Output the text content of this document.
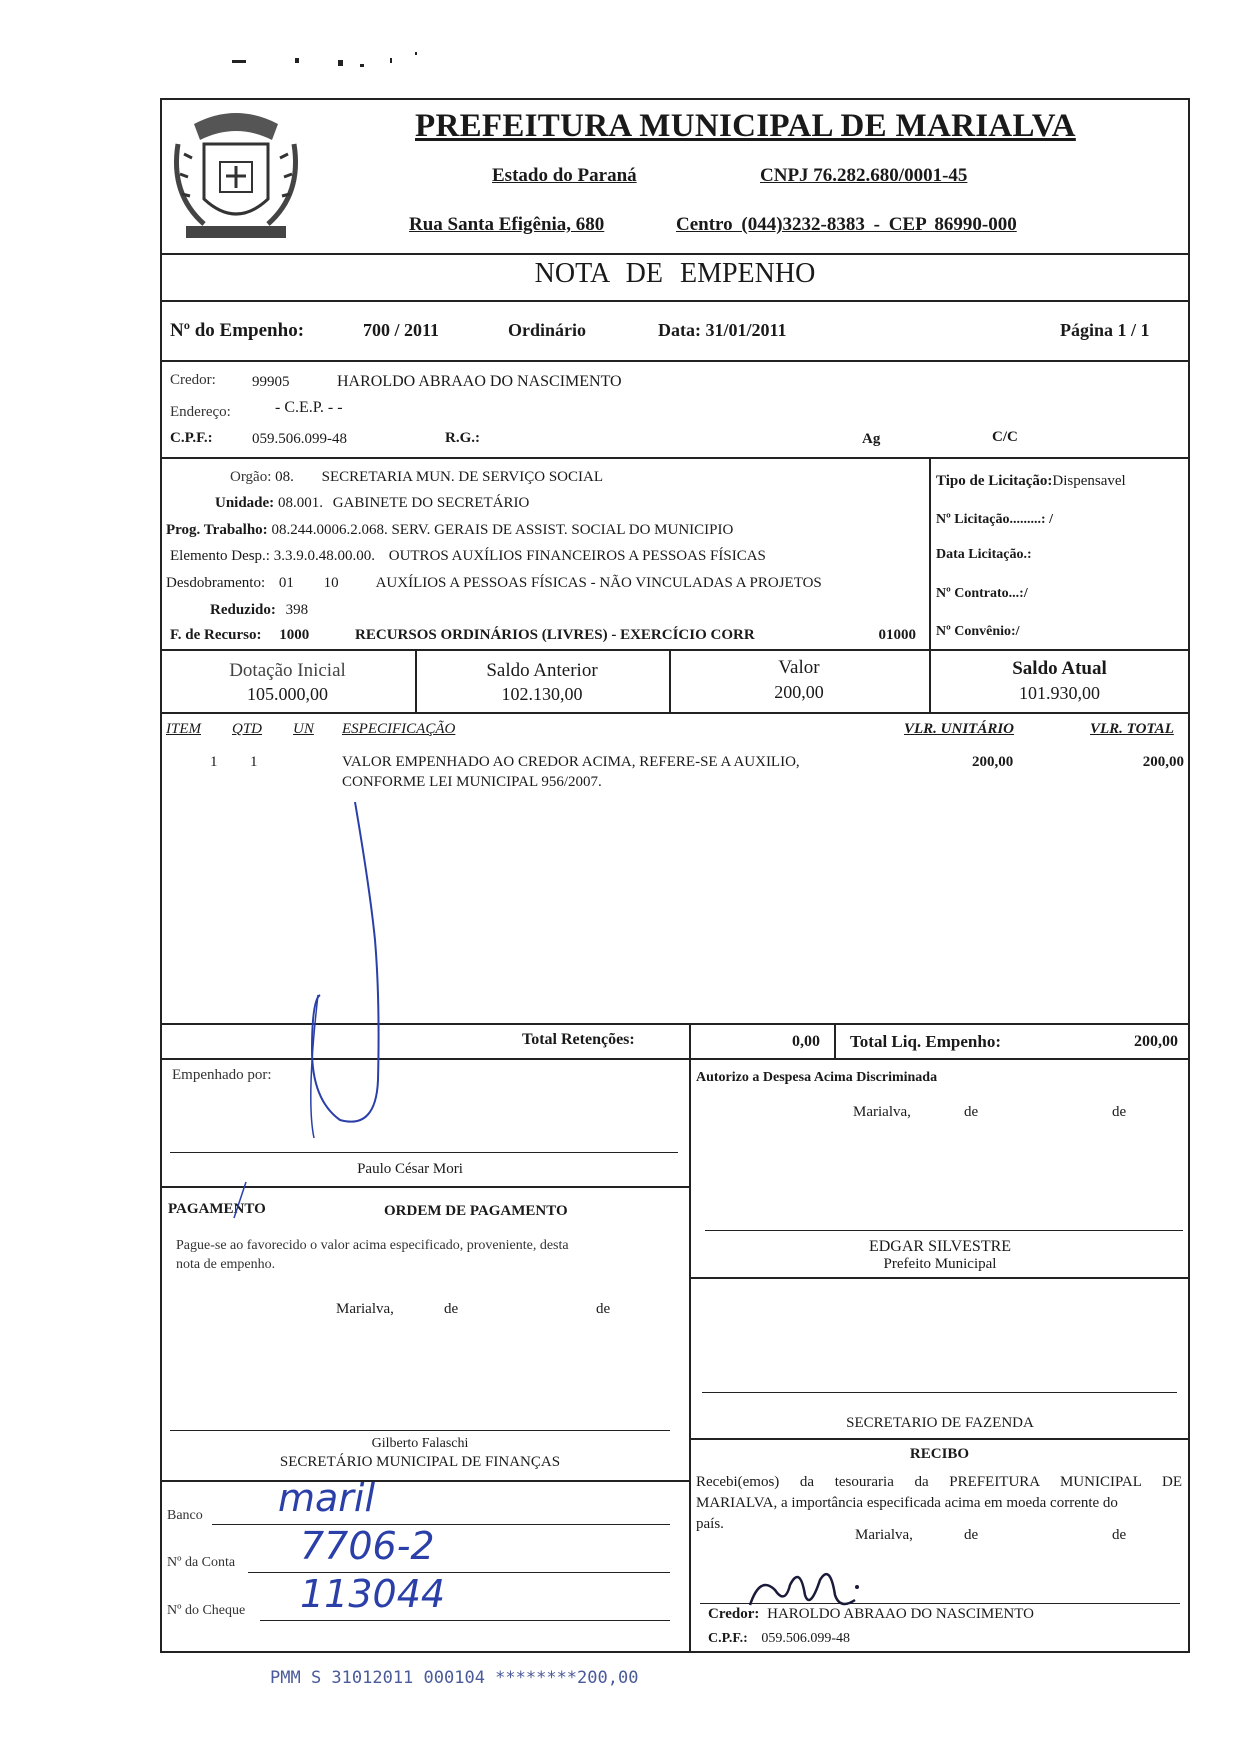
PREFEITURA MUNICIPAL DE MARIALVA
Estado do Paraná	CNPJ 76.282.680/0001-45
Rua Santa Efigênia, 680	Centro (044)3232-8383 - CEP 86990-000
NOTA DE EMPENHO
Nº do Empenho:	700 / 2011	Ordinário	Data: 31/01/2011	Página 1 / 1
Credor: 99905	HAROLDO ABRAAO DO NASCIMENTO
Endereço:	- C.E.P. - -
C.P.F.:	059.506.099-48	R.G.:	Ag	C/C
Orgão: 08. SECRETARIA MUN. DE SERVIÇO SOCIAL
Unidade: 08.001. GABINETE DO SECRETÁRIO
Prog. Trabalho: 08.244.0006.2.068. SERV. GERAIS DE ASSIST. SOCIAL DO MUNICIPIO
Elemento Desp.: 3.3.9.0.48.00.00. OUTROS AUXÍLIOS FINANCEIROS A PESSOAS FÍSICAS
Desdobramento: 01 10 AUXÍLIOS A PESSOAS FÍSICAS - NÃO VINCULADAS A PROJETOS
Reduzido: 398
F. de Recurso: 1000	RECURSOS ORDINÁRIOS (LIVRES) - EXERCÍCIO CORR	01000
Tipo de Licitação:Dispensavel
Nº Licitação.........: /
Data Licitação.:
Nº Contrato...:/
Nº Convênio:/
Dotação Inicial
105.000,00
Saldo Anterior
102.130,00
Valor
200,00
Saldo Atual
101.930,00
ITEM QTD UN ESPECIFICAÇÃO	VLR. UNITÁRIO	VLR. TOTAL
1 1	VALOR EMPENHADO AO CREDOR ACIMA, REFERE-SE A AUXILIO,
CONFORME LEI MUNICIPAL 956/2007.
200,00	200,00
Total Retenções:	0,00 Total Liq. Empenho:	200,00
Empenhado por:
Paulo César Mori
Autorizo a Despesa Acima Discriminada
Marialva,	de	de
EDGAR SILVESTRE
Prefeito Municipal
PAGAMENTO	ORDEM DE PAGAMENTO
Pague-se ao favorecido o valor acima especificado, proveniente, desta
nota de empenho.
Marialva,	de	de
Gilberto Falaschi
SECRETÁRIO MUNICIPAL DE FINANÇAS
SECRETARIO DE FAZENDA
RECIBO
Recebi(emos) da tesouraria da PREFEITURA MUNICIPAL DE
MARIALVA, a importância especificada acima em moeda corrente do
país.
Marialva,	de	de
Credor: HAROLDO ABRAAO DO NASCIMENTO
C.P.F.: 059.506.099-48
Banco maril
Nº da Conta 7706-2
Nº do Cheque 113044
PMM S 31012011 000104 ********200,00
